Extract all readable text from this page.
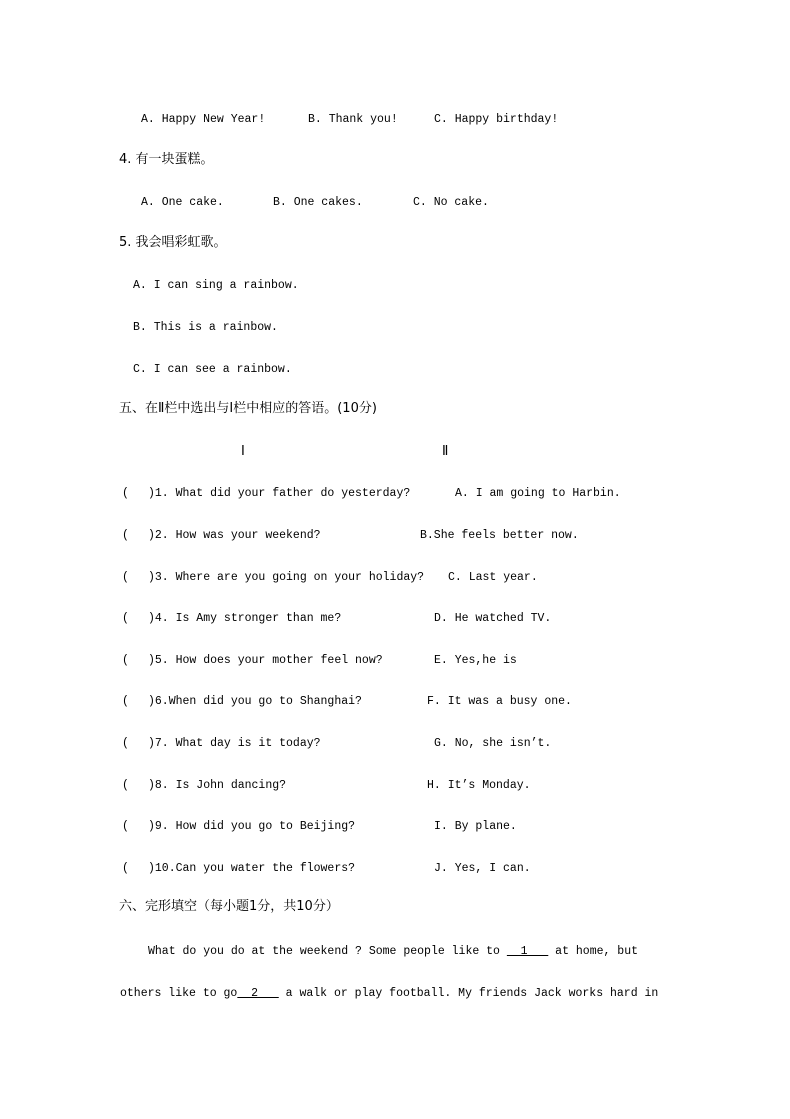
A. Happy New Year!	B. Thank you!	C. Happy birthday!
4. 有一块蛋糕。
A. One cake.	B. One cakes.	C. No cake.
5. 我会唱彩虹歌。
A. I can sing a rainbow.
B. This is a rainbow.
C. I can see a rainbow.
五、在Ⅱ栏中选出与Ⅰ栏中相应的答语。(10分)
Ⅰ	Ⅱ
( )1. What did your father do yesterday?	A. I am going to Harbin.
( )2. How was your weekend?	B.She feels better now.
( )3. Where are you going on your holiday? C. Last year.
( )4. Is Amy stronger than me?	D. He watched TV.
( )5. How does your mother feel now?	E. Yes,he is
( )6.When did you go to Shanghai?	F. It was a busy one.
( )7. What day is it today?	G. No, she isn’t.
( )8. Is John dancing?	H. It’s Monday.
( )9. How did you go to Beijing?	I. By plane.
( )10.Can you water the flowers?	J. Yes, I can.
六、完形填空（每小题1分，共10分）
What do you do at the weekend ? Some people like to   1    at home, but
others like to go  2    a walk or play football. My friends Jack works hard in
